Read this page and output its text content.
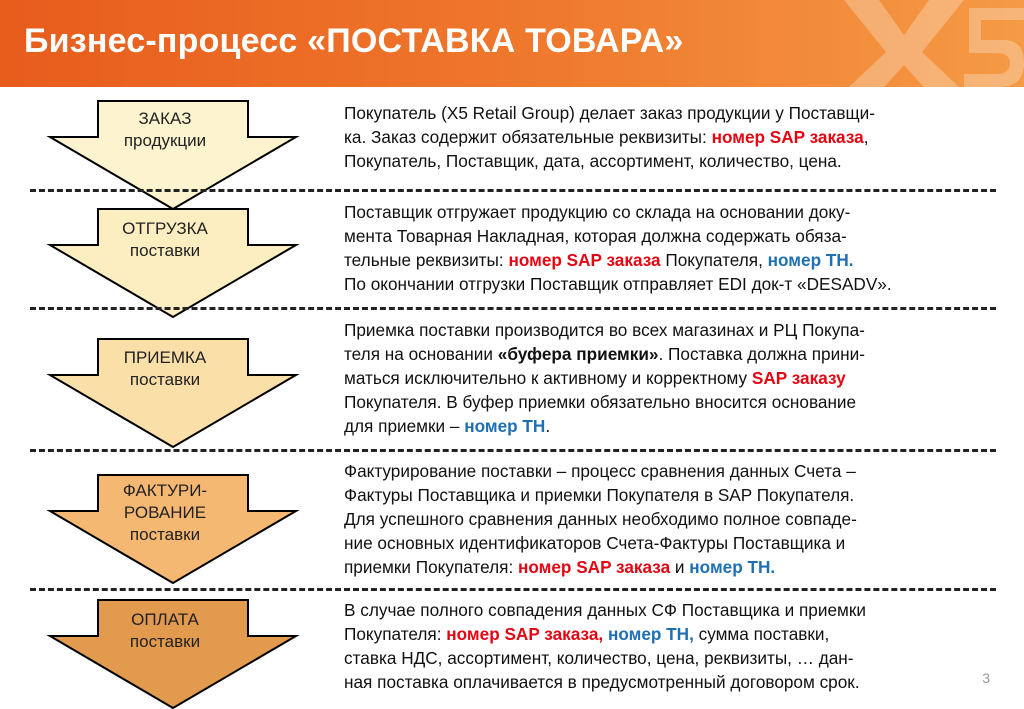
Бизнес-процесс «ПОСТАВКА ТОВАРА»
ЗАКАЗ
продукции
Покупатель (X5 Retail Group) делает заказ продукции у Поставщи-
ка. Заказ содержит обязательные реквизиты: номер SAP заказа,
Покупатель, Поставщик, дата, ассортимент, количество, цена.
ОТГРУЗКА
поставки
Поставщик отгружает продукцию со склада на основании доку-
мента Товарная Накладная, которая должна содержать обяза-
тельные реквизиты: номер SAP заказа Покупателя, номер ТН.
По окончании отгрузки Поставщик отправляет EDI док-т «DESADV».
ПРИЕМКА
поставки
Приемка поставки производится во всех магазинах и РЦ Покупа-
теля на основании «буфера приемки». Поставка должна прини-
маться исключительно к активному и корректному SAP заказу
Покупателя. В буфер приемки обязательно вносится основание
для приемки – номер ТН.
ФАКТУРИ-
РОВАНИЕ
поставки
Фактурирование поставки – процесс сравнения данных Счета –
Фактуры Поставщика и приемки Покупателя в SAP Покупателя.
Для успешного сравнения данных необходимо полное совпаде-
ние основных идентификаторов Счета-Фактуры Поставщика и
приемки Покупателя: номер SAP заказа и номер ТН.
ОПЛАТА
поставки
В случае полного совпадения данных СФ Поставщика и приемки
Покупателя: номер SAP заказа, номер ТН, сумма поставки,
ставка НДС, ассортимент, количество, цена, реквизиты, … дан-
ная поставка оплачивается в предусмотренный договором срок.	3
